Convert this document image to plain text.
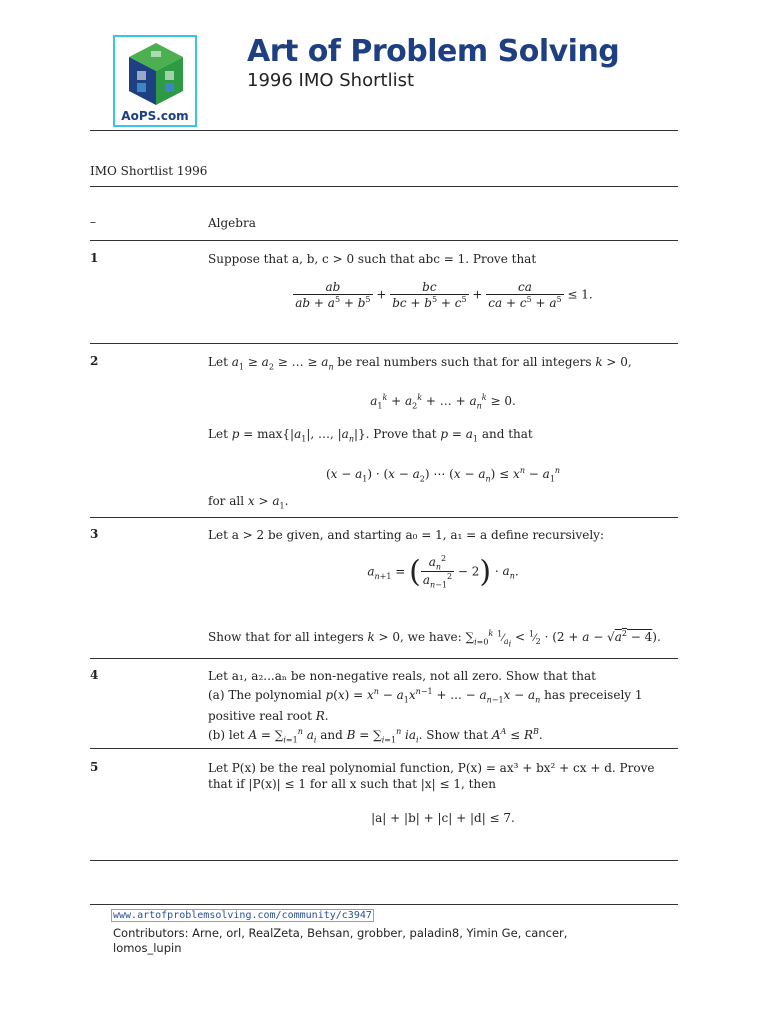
AoPS.com
Art of Problem Solving
1996 IMO Shortlist
IMO Shortlist 1996
–	Algebra
1	Suppose that a, b, c > 0 such that abc = 1. Prove that
$\frac{ab}{ab + a^5 + b^5} + \frac{bc}{bc + b^5 + c^5} + \frac{ca}{ca + c^5 + a^5} \le 1$.
2	Let $a_1 \ge a_2$ ≥ … ≥ $a_n$ be real numbers such that for all integers k > 0,
$a_1^k + a_2^k$ + … + $a_n^k \ge 0$.
Let $p = \max\{|a_1|$, …, $|a_n|$}. Prove that $p = a_1$ and that
$(x - a_1) \cdot (x - a_2)$ ⋯ $(x - a_n) \le x^n - a_1^n$
for all $x > a_1$.
3	Let a > 2 be given, and starting a₀ = 1, a₁ = a define recursively:
$a_{n+1}$ = ( $\frac{a_n^2}{a_{n-1}^2} - 2) \cdot a_n$.
Show that for all integers k > 0, we have: $\sum_{i=0}^k$ $^1⁄_{a_i}$ < $^1⁄_2 \cdot (2 + a - √a^2 - 4)$.
4	Let a₁, a₂...aₙ be non-negative reals, not all zero. Show that that
(a) The polynomial $p(x) = x^n - a_1x^{n-1}$ + ... − $a_{n-1}x - a_n$ has preceisely 1 positive real root R.
(b) let $A = \sum_{i=1}^n$ $a_i$ and $B = \sum_{i=1}^n$ $ia_i$. Show that $A^A \le R^B$.
5	Let P(x) be the real polynomial function, P(x) = ax³ + bx² + cx + d. Prove that if |P(x)| ≤ 1 for all x such that |x| ≤ 1, then
|a| + |b| + |c| + |d| ≤ 7.
www.artofproblemsolving.com/community/c3947
Contributors: Arne, orl, RealZeta, Behsan, grobber, paladin8, Yimin Ge, cancer, lomos_lupin
